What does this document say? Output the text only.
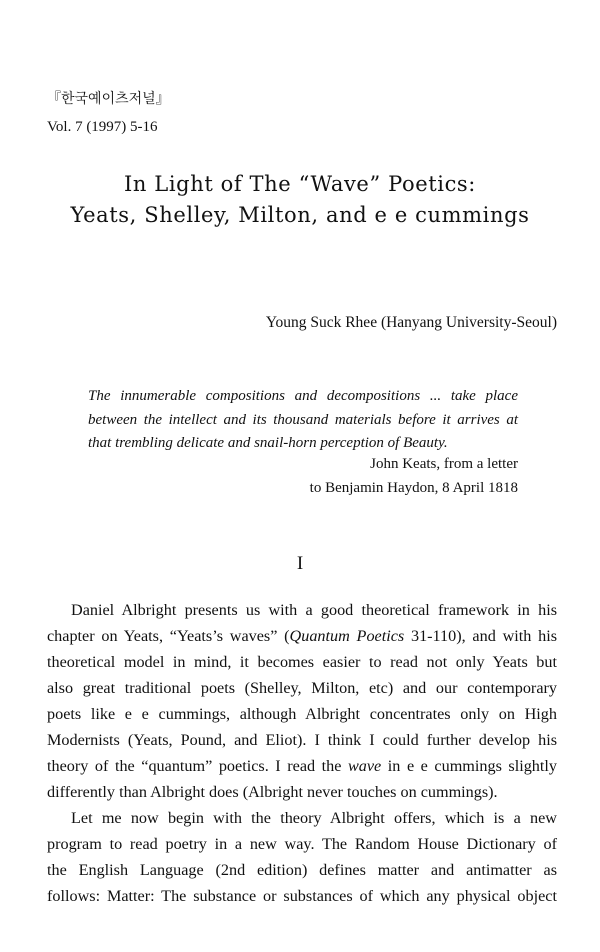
『한국예이츠저널』
Vol. 7 (1997) 5-16
In Light of The “Wave” Poetics:
Yeats, Shelley, Milton, and e e cummings
Young Suck Rhee (Hanyang University-Seoul)
The innumerable compositions and decompositions ... take place
between the intellect and its thousand materials before it arrives at
that trembling delicate and snail-horn perception of Beauty.
John Keats, from a letter
to Benjamin Haydon, 8 April 1818
I
Daniel Albright presents us with a good theoretical framework in his
chapter on Yeats, “Yeats’s waves” (Quantum Poetics 31-110), and with his
theoretical model in mind, it becomes easier to read not only Yeats but
also great traditional poets (Shelley, Milton, etc) and our contemporary
poets like e e cummings, although Albright concentrates only on High
Modernists (Yeats, Pound, and Eliot). I think I could further develop his
theory of the “quantum” poetics. I read the wave in e e cummings slightly
differently than Albright does (Albright never touches on cummings).
Let me now begin with the theory Albright offers, which is a new
program to read poetry in a new way. The Random House Dictionary of
the English Language (2nd edition) defines matter and antimatter as
follows: Matter: The substance or substances of which any physical object
